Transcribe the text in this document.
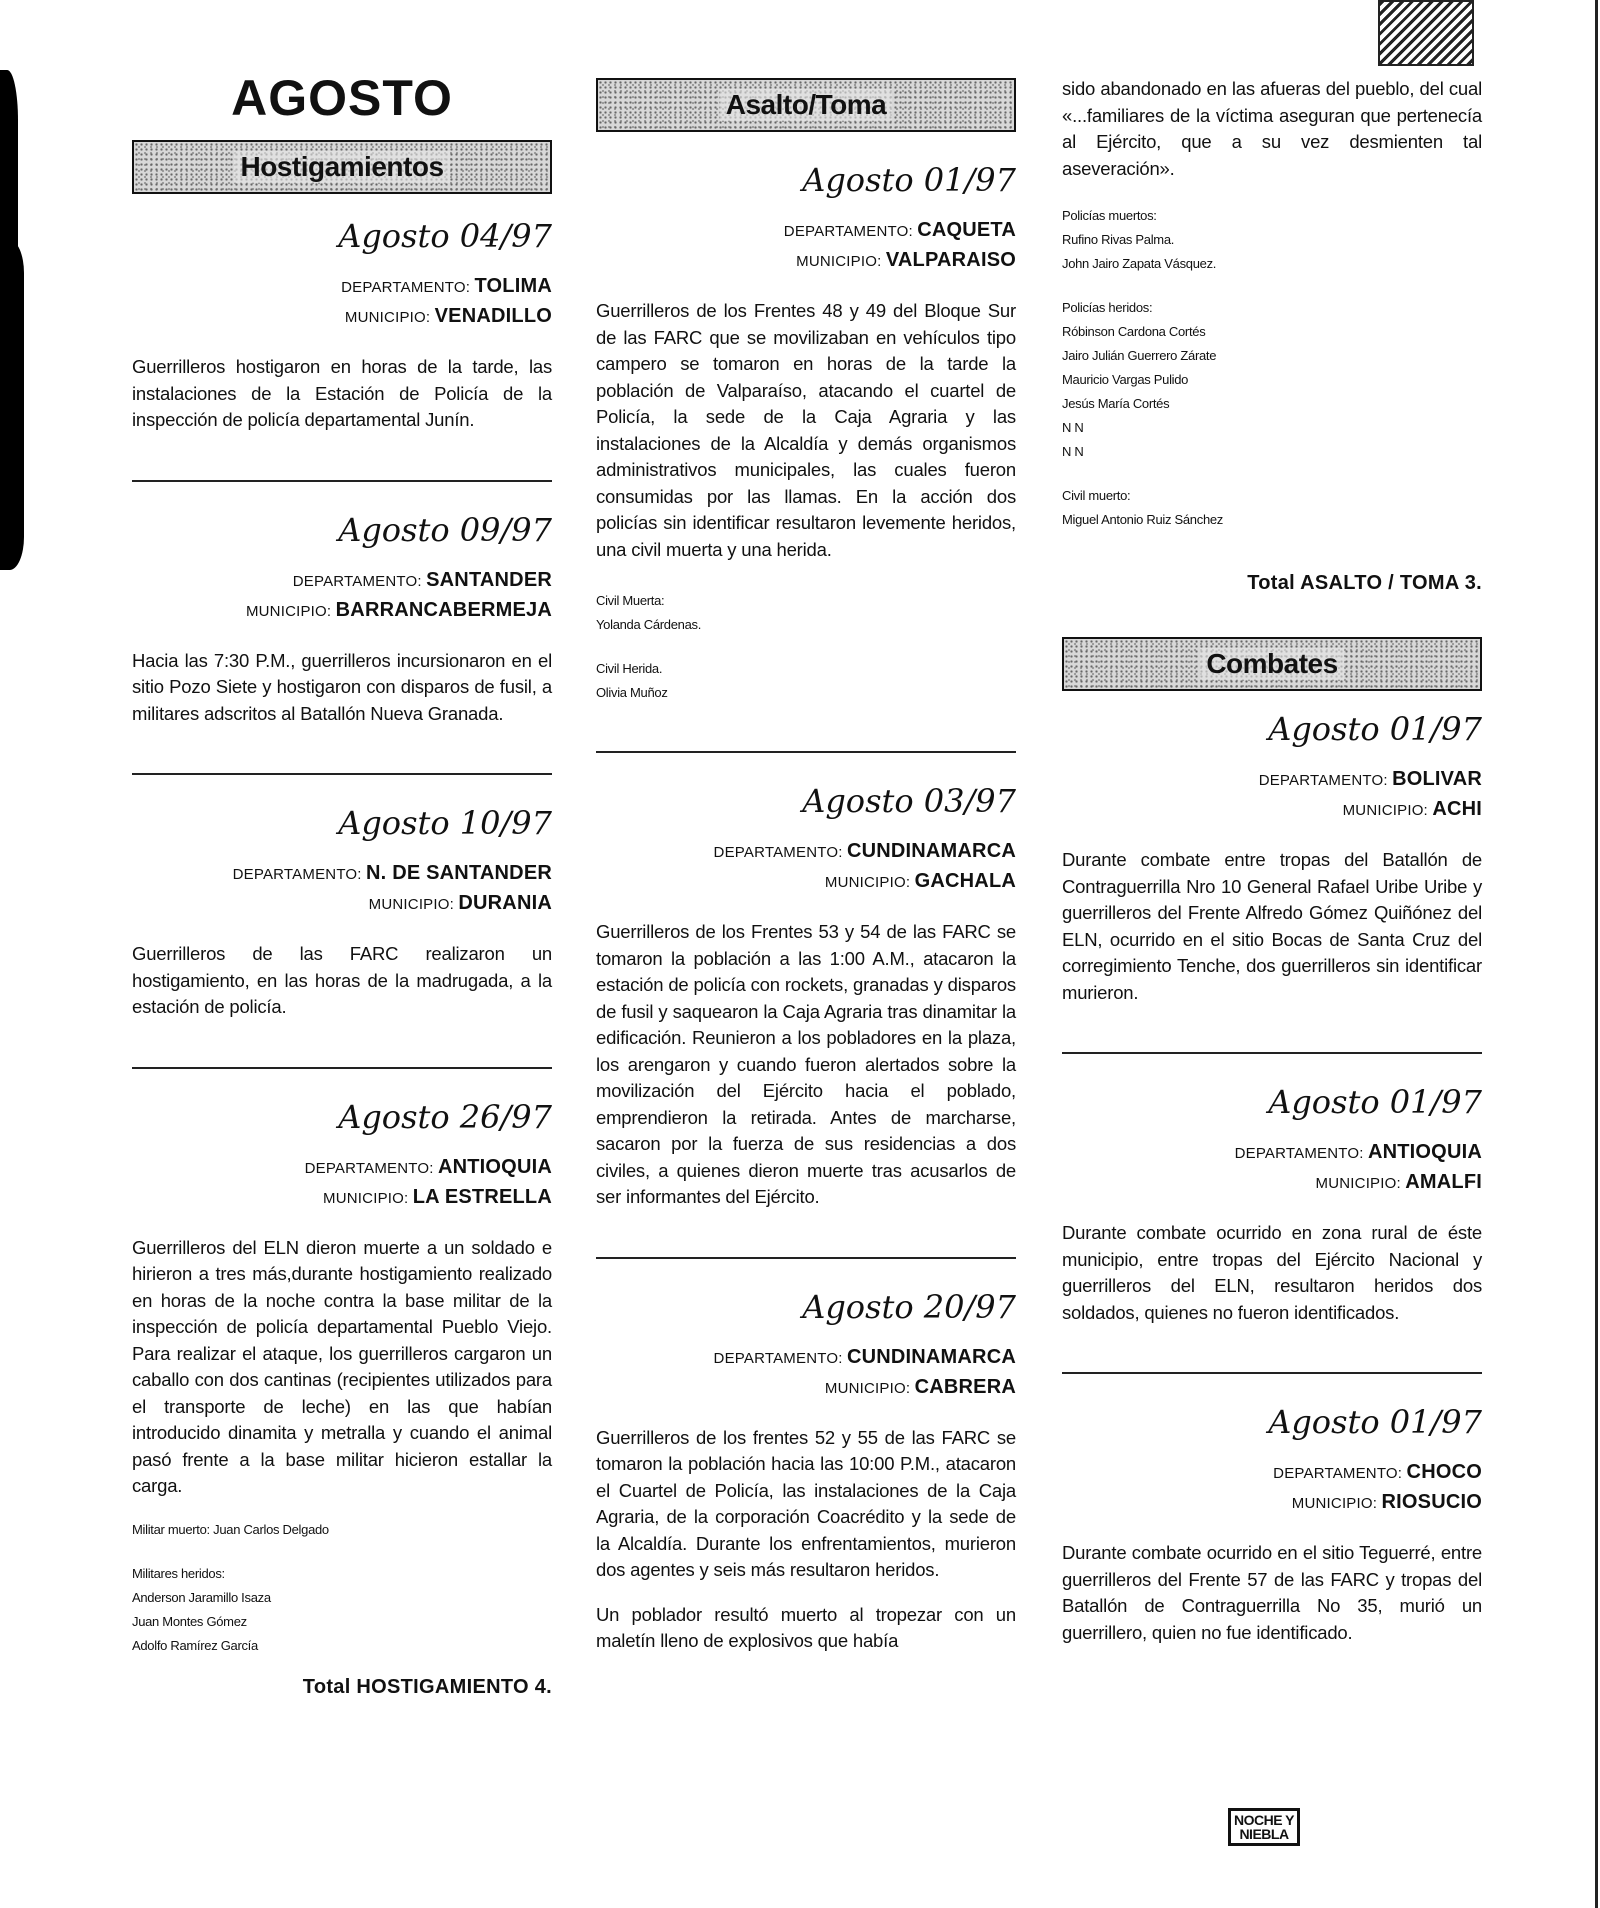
AGOSTO
Hostigamientos
Agosto 04/97
DEPARTAMENTO: TOLIMA
MUNICIPIO: VENADILLO
Guerrilleros hostigaron en horas de la tarde, las instalaciones de la Estación de Policía de la inspección de policía departamental Junín.
Agosto 09/97
DEPARTAMENTO: SANTANDER
MUNICIPIO: BARRANCABERMEJA
Hacia las 7:30 P.M., guerrilleros incursionaron en el sitio Pozo Siete y hostigaron con disparos de fusil, a militares adscritos al Batallón Nueva Granada.
Agosto 10/97
DEPARTAMENTO: N. DE SANTANDER
MUNICIPIO: DURANIA
Guerrilleros de las FARC realizaron un hostigamiento, en las horas de la madrugada, a la estación de policía.
Agosto 26/97
DEPARTAMENTO: ANTIOQUIA
MUNICIPIO: LA ESTRELLA
Guerrilleros del ELN dieron muerte a un soldado e hirieron a tres más,durante hostigamiento realizado en horas de la noche contra la base militar de la inspección de policía departamental Pueblo Viejo. Para realizar el ataque, los guerrilleros cargaron un caballo con dos cantinas (recipientes utilizados para el transporte de leche) en las que habían introducido dinamita y metralla y cuando el animal pasó frente a la base militar hicieron estallar la carga.
Militar muerto: Juan Carlos Delgado
Militares heridos:
Anderson Jaramillo Isaza
Juan Montes Gómez
Adolfo Ramírez García
Total HOSTIGAMIENTO 4.
Asalto/Toma
Agosto 01/97
DEPARTAMENTO: CAQUETA
MUNICIPIO: VALPARAISO
Guerrilleros de los Frentes 48 y 49 del Bloque Sur de las FARC que se movilizaban en vehículos tipo campero se tomaron en horas de la tarde la población de Valparaíso, atacando el cuartel de Policía, la sede de la Caja Agraria y las instalaciones de la Alcaldía y demás organismos administrativos municipales, las cuales fueron consumidas por las llamas. En la acción dos policías sin identificar resultaron levemente heridos, una civil muerta y una herida.
Civil Muerta:
Yolanda Cárdenas.
Civil Herida.
Olivia Muñoz
Agosto 03/97
DEPARTAMENTO: CUNDINAMARCA
MUNICIPIO: GACHALA
Guerrilleros de los Frentes 53 y 54 de las FARC se tomaron la población a las 1:00 A.M., atacaron la estación de policía con rockets, granadas y disparos de fusil y saquearon la Caja Agraria tras dinamitar la edificación. Reunieron a los pobladores en la plaza, los arengaron y cuando fueron alertados sobre la movilización del Ejército hacia el poblado, emprendieron la retirada. Antes de marcharse, sacaron por la fuerza de sus residencias a dos civiles, a quienes dieron muerte tras acusarlos de ser informantes del Ejército.
Agosto 20/97
DEPARTAMENTO: CUNDINAMARCA
MUNICIPIO: CABRERA
Guerrilleros de los frentes 52 y 55 de las FARC se tomaron la población hacia las 10:00 P.M., atacaron el Cuartel de Policía, las instalaciones de la Caja Agraria, de la corporación Coacrédito y la sede de la Alcaldía. Durante los enfrentamientos, murieron dos agentes y seis más resultaron heridos.
Un poblador resultó muerto al tropezar con un maletín lleno de explosivos que había
sido abandonado en las afueras del pueblo, del cual «...familiares de la víctima aseguran que pertenecía al Ejército, que a su vez desmienten tal aseveración».
Policías muertos:
Rufino Rivas Palma.
John Jairo Zapata Vásquez.
Policías heridos:
Róbinson Cardona Cortés
Jairo Julián Guerrero Zárate
Mauricio Vargas Pulido
Jesús María Cortés
N N
N N
Civil muerto:
Miguel Antonio Ruiz Sánchez
Total ASALTO / TOMA 3.
Combates
Agosto 01/97
DEPARTAMENTO: BOLIVAR
MUNICIPIO: ACHI
Durante combate entre tropas del Batallón de Contraguerrilla Nro 10 General Rafael Uribe Uribe y guerrilleros del Frente Alfredo Gómez Quiñónez del ELN, ocurrido en el sitio Bocas de Santa Cruz del corregimiento Tenche, dos guerrilleros sin identificar murieron.
Agosto 01/97
DEPARTAMENTO: ANTIOQUIA
MUNICIPIO: AMALFI
Durante combate ocurrido en zona rural de éste municipio, entre tropas del Ejército Nacional y guerrilleros del ELN, resultaron heridos dos soldados, quienes no fueron identificados.
Agosto 01/97
DEPARTAMENTO: CHOCO
MUNICIPIO: RIOSUCIO
Durante combate ocurrido en el sitio Teguerré, entre guerrilleros del Frente 57 de las FARC y tropas del Batallón de Contraguerrilla No 35, murió un guerrillero, quien no fue identificado.
NOCHE Y
NIEBLA
